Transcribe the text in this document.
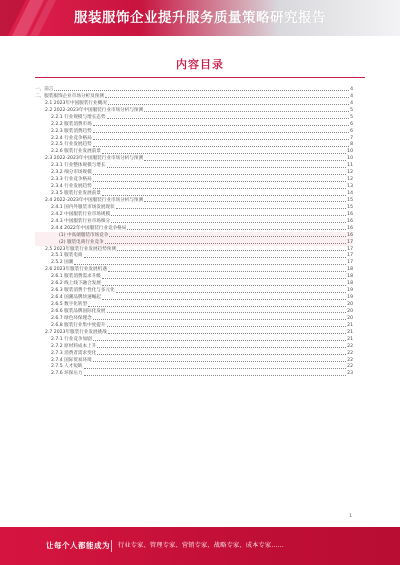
服装服饰企业提升服务质量策略研究报告
内容目录
一、前言	4
二、服装服饰企业市场分析及预测	4
2.1 2023年中国服装行业概况	4
2.2 2022-2023年中国服装行业市场分析与预测	5
2.2.1 行业规模与增长态势	5
2.2.2 服装消费市场	6
2.2.3 服装消费趋势	6
2.2.4 行业竞争格局	7
2.2.5 行业发展趋势	8
2.2.6 服装行业发展前景	10
2.3 2022-2023年中国服装行业市场分析与预测	10
2.3.1 行业整体规模与增长	11
2.3.2 细分市场规模	12
2.3.3 行业竞争格局	12
2.3.4 行业发展趋势	13
2.3.5 服装行业发展前景	14
2.4 2022-2023年中国服装行业市场分析与预测	15
2.4.1 国内外服装市场发展现状	15
2.4.2 中国服装行业市场规模	16
2.4.3 中国服装行业市场细分	16
2.4.4 2022年中国服装行业竞争格局	16
(1) 中高端服装市场竞争	16
(2) 服装电商行业竞争	17
2.5 2023年服装行业发展趋势预测	17
2.5.1 服装电商	17
2.5.2 国潮	17
2.6 2023年服装行业发展机遇	18
2.6.1 服装消费需求升级	18
2.6.2 线上线下融合发展	18
2.6.3 服装消费个性化与多元化	19
2.6.4 国潮品牌快速崛起	19
2.6.5 数字化转型	20
2.6.6 服装品牌国际化发展	20
2.6.7 绿色环保理念	20
2.6.8 服装行业集中度提升	21
2.7 2023年服装行业发展挑战	21
2.7.1 行业竞争加剧	21
2.7.2 原材料成本上升	22
2.7.3 消费者需求变化	22
2.7.4 国际贸易环境	22
2.7.5 人才短缺	22
2.7.6 环保压力	23
1
让每个人都能成为 行业专家、管理专家、营销专家、战略专家、成本专家……
